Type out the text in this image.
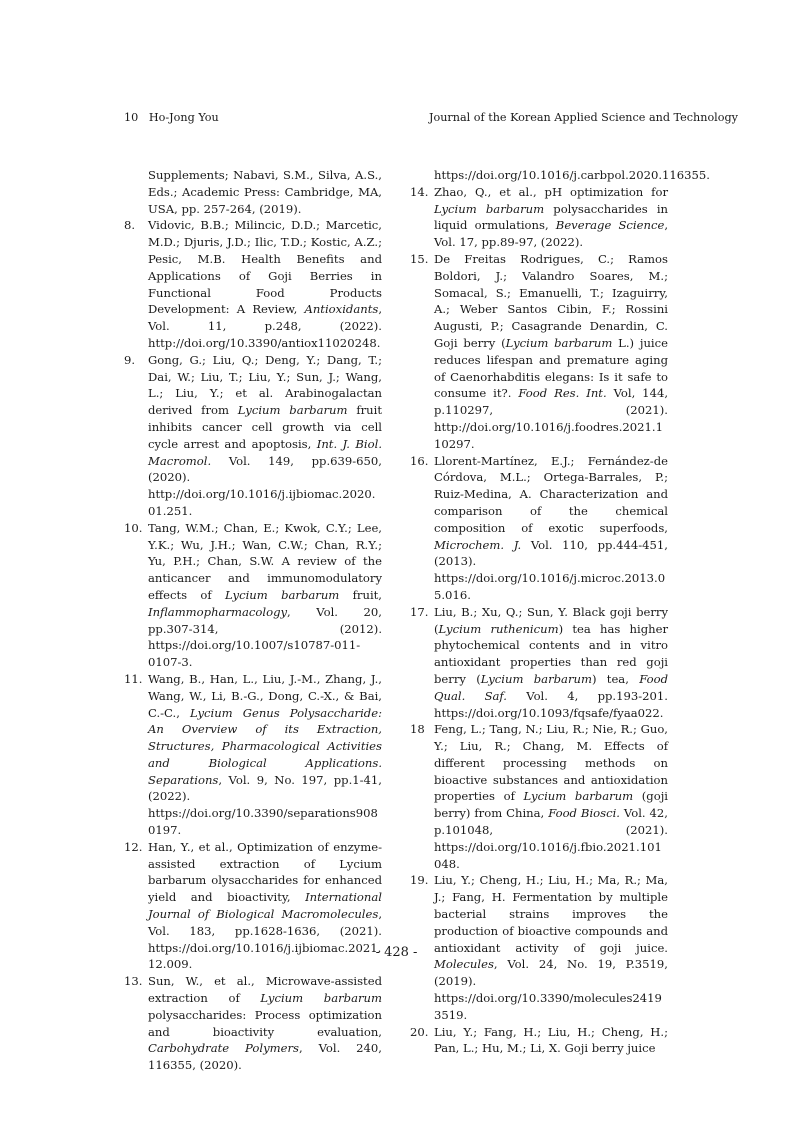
10   Ho-Jong You	Journal of the Korean Applied Science and Technology
Supplements; Nabavi, S.M., Silva, A.S., Eds.; Academic Press: Cambridge, MA, USA, pp. 257-264, (2019).
8.	Vidovic, B.B.; Milincic, D.D.; Marcetic, M.D.; Djuris, J.D.; Ilic, T.D.; Kostic, A.Z.; Pesic, M.B. Health Benefits and Applications of Goji Berries in Functional Food Products Development: A Review, Antioxidants, Vol. 11, p.248, (2022). http://doi.org/10.3390/antiox11020248.
9.	Gong, G.; Liu, Q.; Deng, Y.; Dang, T.; Dai, W.; Liu, T.; Liu, Y.; Sun, J.; Wang, L.; Liu, Y.; et al. Arabinogalactan derived from Lycium barbarum fruit inhibits cancer cell growth via cell cycle arrest and apoptosis, Int. J. Biol. Macromol. Vol. 149, pp.639-650, (2020). http://doi.org/10.1016/j.ijbiomac.2020.01.251.
10. Tang, W.M.; Chan, E.; Kwok, C.Y.; Lee, Y.K.; Wu, J.H.; Wan, C.W.; Chan, R.Y.; Yu, P.H.; Chan, S.W. A review of the anticancer and immunomodulatory effects of Lycium barbarum fruit, Inflammopharmacology, Vol. 20, pp.307-314, (2012). https://doi.org/10.1007/s10787-011-0107-3.
11. Wang, B., Han, L., Liu, J.-M., Zhang, J., Wang, W., Li, B.-G., Dong, C.-X., & Bai, C.-C., Lycium Genus Polysaccharide: An Overview of its Extraction, Structures, Pharmacological Activities and Biological Applications. Separations, Vol. 9, No. 197, pp.1-41, (2022). https://doi.org/10.3390/separations9080197.
12. Han, Y., et al., Optimization of enzyme-assisted extraction of Lycium barbarum olysaccharides for enhanced yield and bioactivity, International Journal of Biological Macromolecules, Vol. 183, pp.1628-1636, (2021). https://doi.org/10.1016/j.ijbiomac.2021.12.009.
13. Sun, W., et al., Microwave-assisted extraction of Lycium barbarum polysaccharides: Process optimization and bioactivity evaluation, Carbohydrate Polymers, Vol. 240, 116355, (2020).
https://doi.org/10.1016/j.carbpol.2020.116355.
14. Zhao, Q., et al., pH optimization for Lycium barbarum polysaccharides in liquid ormulations, Beverage Science, Vol. 17, pp.89-97, (2022).
15. De Freitas Rodrigues, C.; Ramos Boldori, J.; Valandro Soares, M.; Somacal, S.; Emanuelli, T.; Izaguirry, A.; Weber Santos Cibin, F.; Rossini Augusti, P.; Casagrande Denardin, C. Goji berry (Lycium barbarum L.) juice reduces lifespan and premature aging of Caenorhabditis elegans: Is it safe to consume it?. Food Res. Int. Vol, 144, p.110297, (2021). http://doi.org/10.1016/j.foodres.2021.110297.
16. Llorent-Martínez, E.J.; Fernández-de Córdova, M.L.; Ortega-Barrales, P.; Ruiz-Medina, A. Characterization and comparison of the chemical composition of exotic superfoods, Microchem. J. Vol. 110, pp.444-451, (2013). https://doi.org/10.1016/j.microc.2013.05.016.
17. Liu, B.; Xu, Q.; Sun, Y. Black goji berry (Lycium ruthenicum) tea has higher phytochemical contents and in vitro antioxidant properties than red goji berry (Lycium barbarum) tea, Food Qual. Saf. Vol. 4, pp.193-201. https://doi.org/10.1093/fqsafe/fyaa022.
18 Feng, L.; Tang, N.; Liu, R.; Nie, R.; Guo, Y.; Liu, R.; Chang, M. Effects of different processing methods on bioactive substances and antioxidation properties of Lycium barbarum (goji berry) from China, Food Biosci. Vol. 42, p.101048, (2021). https://doi.org/10.1016/j.fbio.2021.101048.
19. Liu, Y.; Cheng, H.; Liu, H.; Ma, R.; Ma, J.; Fang, H. Fermentation by multiple bacterial strains improves the production of bioactive compounds and antioxidant activity of goji juice. Molecules, Vol. 24, No. 19, P.3519, (2019). https://doi.org/10.3390/molecules24193519.
20. Liu, Y.; Fang, H.; Liu, H.; Cheng, H.; Pan, L.; Hu, M.; Li, X. Goji berry juice
- 428 -
